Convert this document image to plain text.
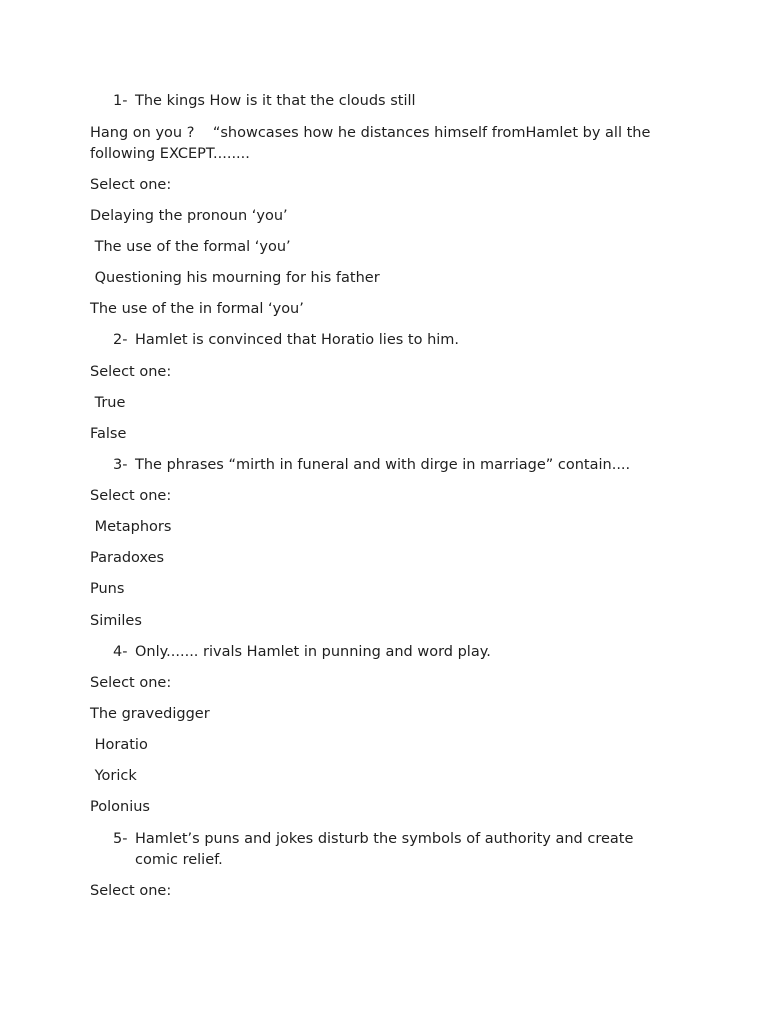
1-

The kings How is it that the clouds still

Hang on you ?    “showcases how he distances himself fromHamlet by all the following EXCEPT........
Select one:
Delaying the pronoun ‘you’
The use of the formal ‘you’
Questioning his mourning for his father
The use of the in formal ‘you’

2-

Hamlet is convinced that Horatio lies to him.

Select one:
True
False

3-

The phrases “mirth in funeral and with dirge in marriage” contain....

Select one:
Metaphors
Paradoxes
Puns
Similes

4-

Only....... rivals Hamlet in punning and word play.

Select one:
The gravedigger
Horatio
Yorick
Polonius

5-

Hamlet’s puns and jokes disturb the symbols of authority and create comic relief.

Select one:
